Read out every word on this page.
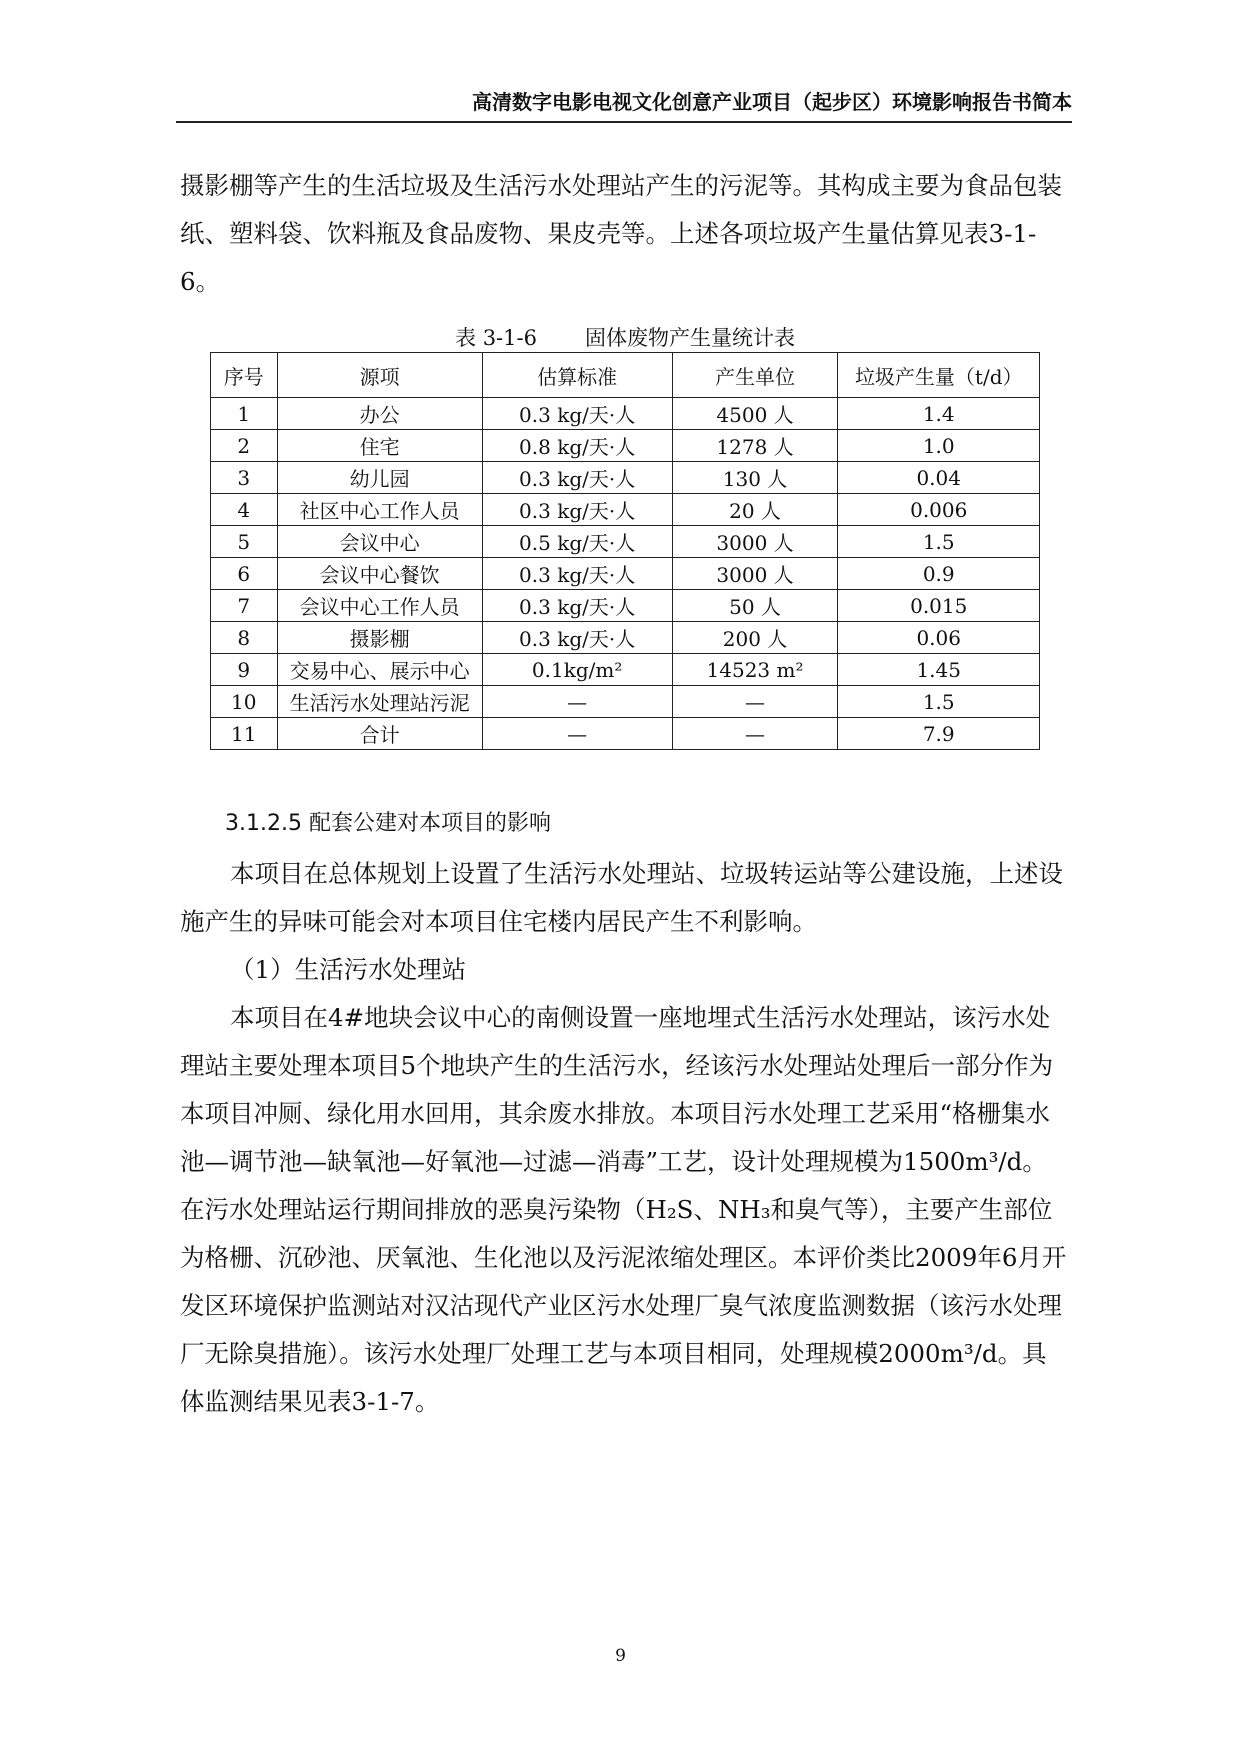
高清数字电影电视文化创意产业项目（起步区）环境影响报告书简本

摄影棚等产生的生活垃圾及生活污水处理站产生的污泥等。其构成主要为食品包装纸、塑料袋、饮料瓶及食品废物、果皮壳等。上述各项垃圾产生量估算见表3-1-6。

表 3-1-6 固体废物产生量统计表
序号	源项	估算标准	产生单位	垃圾产生量（t/d）
1	办公	0.3 kg/天·人	4500 人	1.4
2	住宅	0.8 kg/天·人	1278 人	1.0
3	幼儿园	0.3 kg/天·人	130 人	0.04
4	社区中心工作人员	0.3 kg/天·人	20 人	0.006
5	会议中心	0.5 kg/天·人	3000 人	1.5
6	会议中心餐饮	0.3 kg/天·人	3000 人	0.9
7	会议中心工作人员	0.3 kg/天·人	50 人	0.015
8	摄影棚	0.3 kg/天·人	200 人	0.06
9	交易中心、展示中心	0.1kg/m²	14523 m²	1.45
10	生活污水处理站污泥	—	—	1.5
11	合计	—	—	7.9
3.1.2.5 配套公建对本项目的影响
本项目在总体规划上设置了生活污水处理站、垃圾转运站等公建设施，上述设施产生的异味可能会对本项目住宅楼内居民产生不利影响。
（1）生活污水处理站
本项目在4#地块会议中心的南侧设置一座地埋式生活污水处理站，该污水处理站主要处理本项目5个地块产生的生活污水，经该污水处理站处理后一部分作为本项目冲厕、绿化用水回用，其余废水排放。本项目污水处理工艺采用“格栅集水池—调节池—缺氧池—好氧池—过滤—消毒”工艺，设计处理规模为1500m³/d。在污水处理站运行期间排放的恶臭污染物（H₂S、NH₃和臭气等），主要产生部位为格栅、沉砂池、厌氧池、生化池以及污泥浓缩处理区。本评价类比2009年6月开发区环境保护监测站对汉沽现代产业区污水处理厂臭气浓度监测数据（该污水处理厂无除臭措施）。该污水处理厂处理工艺与本项目相同，处理规模2000m³/d。具体监测结果见表3-1-7。
9
